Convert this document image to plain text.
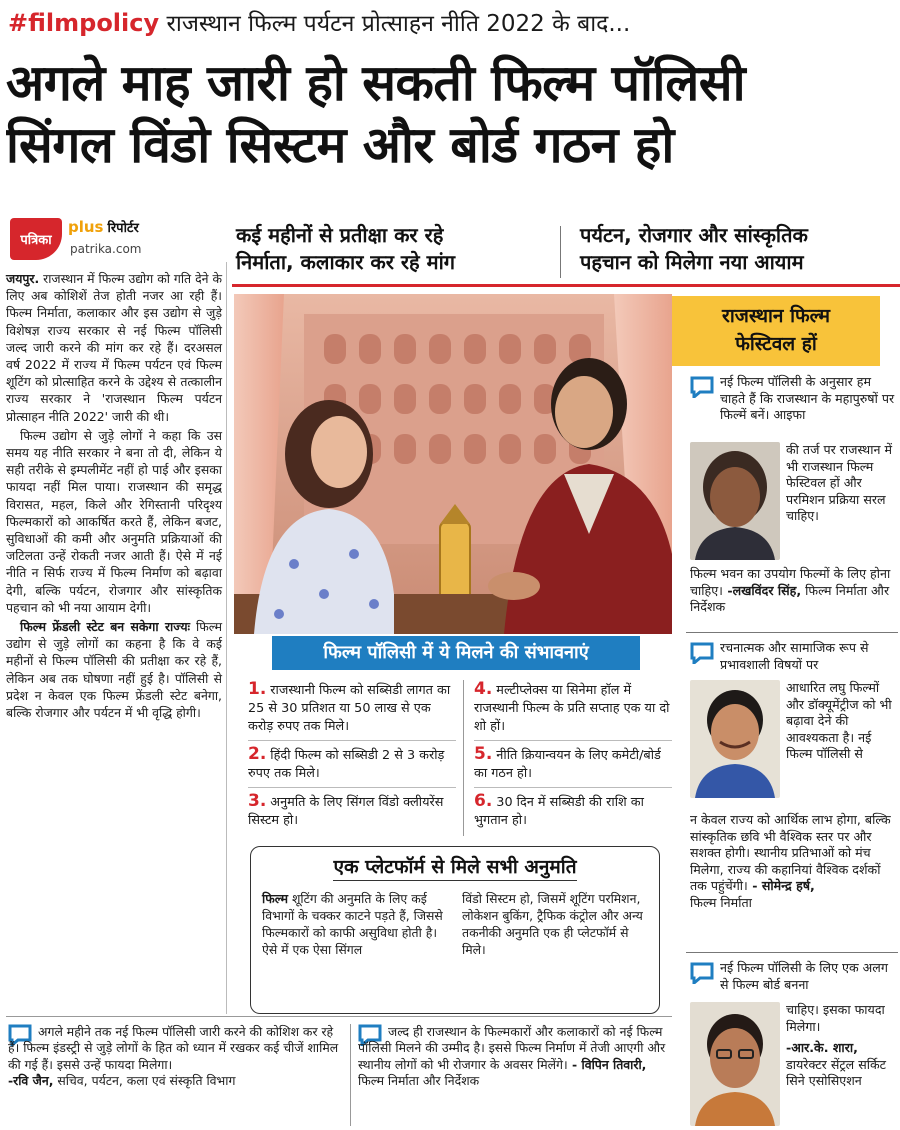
#filmpolicy राजस्थान फिल्म पर्यटन प्रोत्साहन नीति 2022 के बाद...
अगले माह जारी हो सकती फिल्म पॉलिसी
सिंगल विंडो सिस्टम और बोर्ड गठन हो
पत्रिका
plus रिपोर्टर
patrika.com
कई महीनों से प्रतीक्षा कर रहे
निर्माता, कलाकार कर रहे मांग
पर्यटन, रोजगार और सांस्कृतिक
पहचान को मिलेगा नया आयाम

जयपुर. राजस्थान में फिल्म उद्योग को गति देने के लिए अब कोशिशें तेज होती नजर आ रही हैं। फिल्म निर्माता, कलाकार और इस उद्योग से जुड़े विशेषज्ञ राज्य सरकार से नई फिल्म पॉलिसी जल्द जारी करने की मांग कर रहे हैं। दरअसल वर्ष 2022 में राज्य में फिल्म पर्यटन एवं फिल्म शूटिंग को प्रोत्साहित करने के उद्देश्य से तत्कालीन राज्य सरकार ने 'राजस्थान फिल्म पर्यटन प्रोत्साहन नीति 2022' जारी की थी।

फिल्म उद्योग से जुड़े लोगों ने कहा कि उस समय यह नीति सरकार ने बना तो दी, लेकिन ये सही तरीके से इम्पलीमेंट नहीं हो पाई और इसका फायदा नहीं मिल पाया। राजस्थान की समृद्ध विरासत, महल, किले और रेगिस्तानी परिदृश्य फिल्मकारों को आकर्षित करते हैं, लेकिन बजट, सुविधाओं की कमी और अनुमति प्रक्रियाओं की जटिलता उन्हें रोकती नजर आती हैं। ऐसे में नई नीति न सिर्फ राज्य में फिल्म निर्माण को बढ़ावा देगी, बल्कि पर्यटन, रोजगार और सांस्कृतिक पहचान को भी नया आयाम देगी।

फिल्म फ्रेंडली स्टेट बन सकेगा राज्यः फिल्म उद्योग से जुड़े लोगों का कहना है कि वे कई महीनों से फिल्म पॉलिसी की प्रतीक्षा कर रहे हैं, लेकिन अब तक घोषणा नहीं हुई है। पॉलिसी से प्रदेश न केवल एक फिल्म फ्रेंडली स्टेट बनेगा, बल्कि रोजगार और पर्यटन में भी वृद्धि होगी।

राजस्थान फिल्म
फेस्टिवल हों
नई फिल्म पॉलिसी के अनुसार हम चाहते हैं कि राजस्थान के महापुरुषों पर फिल्में बनें। आइफा
की तर्ज पर राजस्थान में भी राजस्थान फिल्म फेस्टिवल हों और परमिशन प्रक्रिया सरल चाहिए।
फिल्म भवन का उपयोग फिल्मों के लिए होना चाहिए। -लखविंदर सिंह, फिल्म निर्माता और निर्देशक
रचनात्मक और सामाजिक रूप से प्रभावशाली विषयों पर
आधारित लघु फिल्मों और डॉक्यूमेंट्रीज को भी बढ़ावा देने की आवश्यकता है। नई फिल्म पॉलिसी से
न केवल राज्य को आर्थिक लाभ होगा, बल्कि सांस्कृतिक छवि भी वैश्विक स्तर पर और सशक्त होगी। स्थानीय प्रतिभाओं को मंच मिलेगा, राज्य की कहानियां वैश्विक दर्शकों तक पहुंचेंगी। - सोमेन्द्र हर्ष,
फिल्म निर्माता
नई फिल्म पॉलिसी के लिए एक अलग से फिल्म बोर्ड बनना
चाहिए। इसका फायदा मिलेगा।
-आर.के. शारा,
डायरेक्टर सेंट्रल सर्किट सिने एसोसिएशन
फिल्म पॉलिसी में ये मिलने की संभावनाएं
1. राजस्थानी फिल्म को सब्सिडी लागत का 25 से 30 प्रतिशत या 50 लाख से एक करोड़ रुपए तक मिले।
2. हिंदी फिल्म को सब्सिडी 2 से 3 करोड़ रुपए तक मिले।
3. अनुमति के लिए सिंगल विंडो क्लीयरेंस सिस्टम हो।
4. मल्टीप्लेक्स या सिनेमा हॉल में राजस्थानी फिल्म के प्रति सप्ताह एक या दो शो हों।
5. नीति क्रियान्वयन के लिए कमेटी/बोर्ड का गठन हो।
6. 30 दिन में सब्सिडी की राशि का भुगतान हो।
एक प्लेटफॉर्म से मिले सभी अनुमति
फिल्म शूटिंग की अनुमति के लिए कई विभागों के चक्कर काटने पड़ते हैं, जिससे फिल्मकारों को काफी असुविधा होती है। ऐसे में एक ऐसा सिंगल
विंडो सिस्टम हो, जिसमें शूटिंग परमिशन, लोकेशन बुकिंग, ट्रैफिक कंट्रोल और अन्य तकनीकी अनुमति एक ही प्लेटफॉर्म से मिले।
अगले महीने तक नई फिल्म पॉलिसी जारी करने की कोशिश कर रहे हैं। फिल्म इंडस्ट्री से जुड़े लोगों के हित को ध्यान में रखकर कई चीजें शामिल की गई हैं। इससे उन्हें फायदा मिलेगा।
-रवि जैन, सचिव, पर्यटन, कला एवं संस्कृति विभाग
जल्द ही राजस्थान के फिल्मकारों और कलाकारों को नई फिल्म पॉलिसी मिलने की उम्मीद है। इससे फिल्म निर्माण में तेजी आएगी और स्थानीय लोगों को भी रोजगार के अवसर मिलेंगे। - विपिन तिवारी,
फिल्म निर्माता और निर्देशक
